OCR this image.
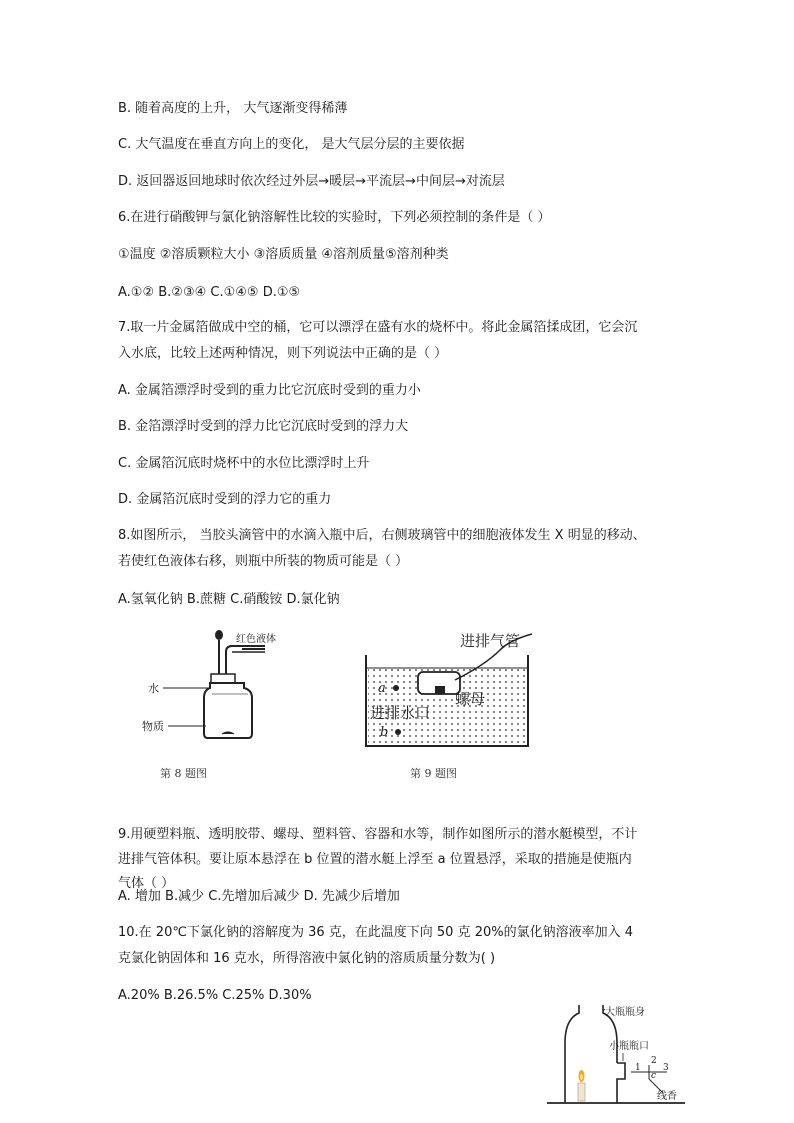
B. 随着高度的上升， 大气逐渐变得稀薄
C. 大气温度在垂直方向上的变化， 是大气层分层的主要依据
D. 返回器返回地球时依次经过外层→暖层→平流层→中间层→对流层
6.在进行硝酸钾与氯化钠溶解性比较的实验时，下列必须控制的条件是（ ）
①温度 ②溶质颗粒大小 ③溶质质量 ④溶剂质量⑤溶剂种类
A.①② B.②③④ C.①④⑤ D.①⑤
7.取一片金属箔做成中空的桶，它可以漂浮在盛有水的烧杯中。将此金属箔揉成团，它会沉
入水底，比较上述两种情况，则下列说法中正确的是（ ）
A. 金属箔漂浮时受到的重力比它沉底时受到的重力小
B. 金箔漂浮时受到的浮力比它沉底时受到的浮力大
C. 金属箔沉底时烧杯中的水位比漂浮时上升
D. 金属箔沉底时受到的浮力它的重力
8.如图所示， 当胶头滴管中的水滴入瓶中后，右侧玻璃管中的细胞液体发生 X 明显的移动、
若使红色液体右移，则瓶中所装的物质可能是（ ）
A.氢氧化钠 B.蔗糖 C.硝酸铵 D.氯化钠
9.用硬塑料瓶、透明胶带、螺母、塑料管、容器和水等，制作如图所示的潜水艇模型，不计
进排气管体积。要让原本悬浮在 b 位置的潜水艇上浮至 a 位置悬浮，采取的措施是使瓶内
气体（ ）
A. 增加 B.减少 C.先增加后减少 D. 先减少后增加
10.在 20℃下氯化钠的溶解度为 36 克，在此温度下向 50 克 20%的氯化钠溶液率加入 4
克氯化钠固体和 16 克水，所得溶液中氯化钠的溶质质量分数为( )
A.20% B.26.5% C.25% D.30%
红色液体
水
物质
第 8 题图
进排气管
螺母
进排水口
a
b
第 9 题图
大瓶瓶身
小瓶瓶口
1
2
3
c
线香
